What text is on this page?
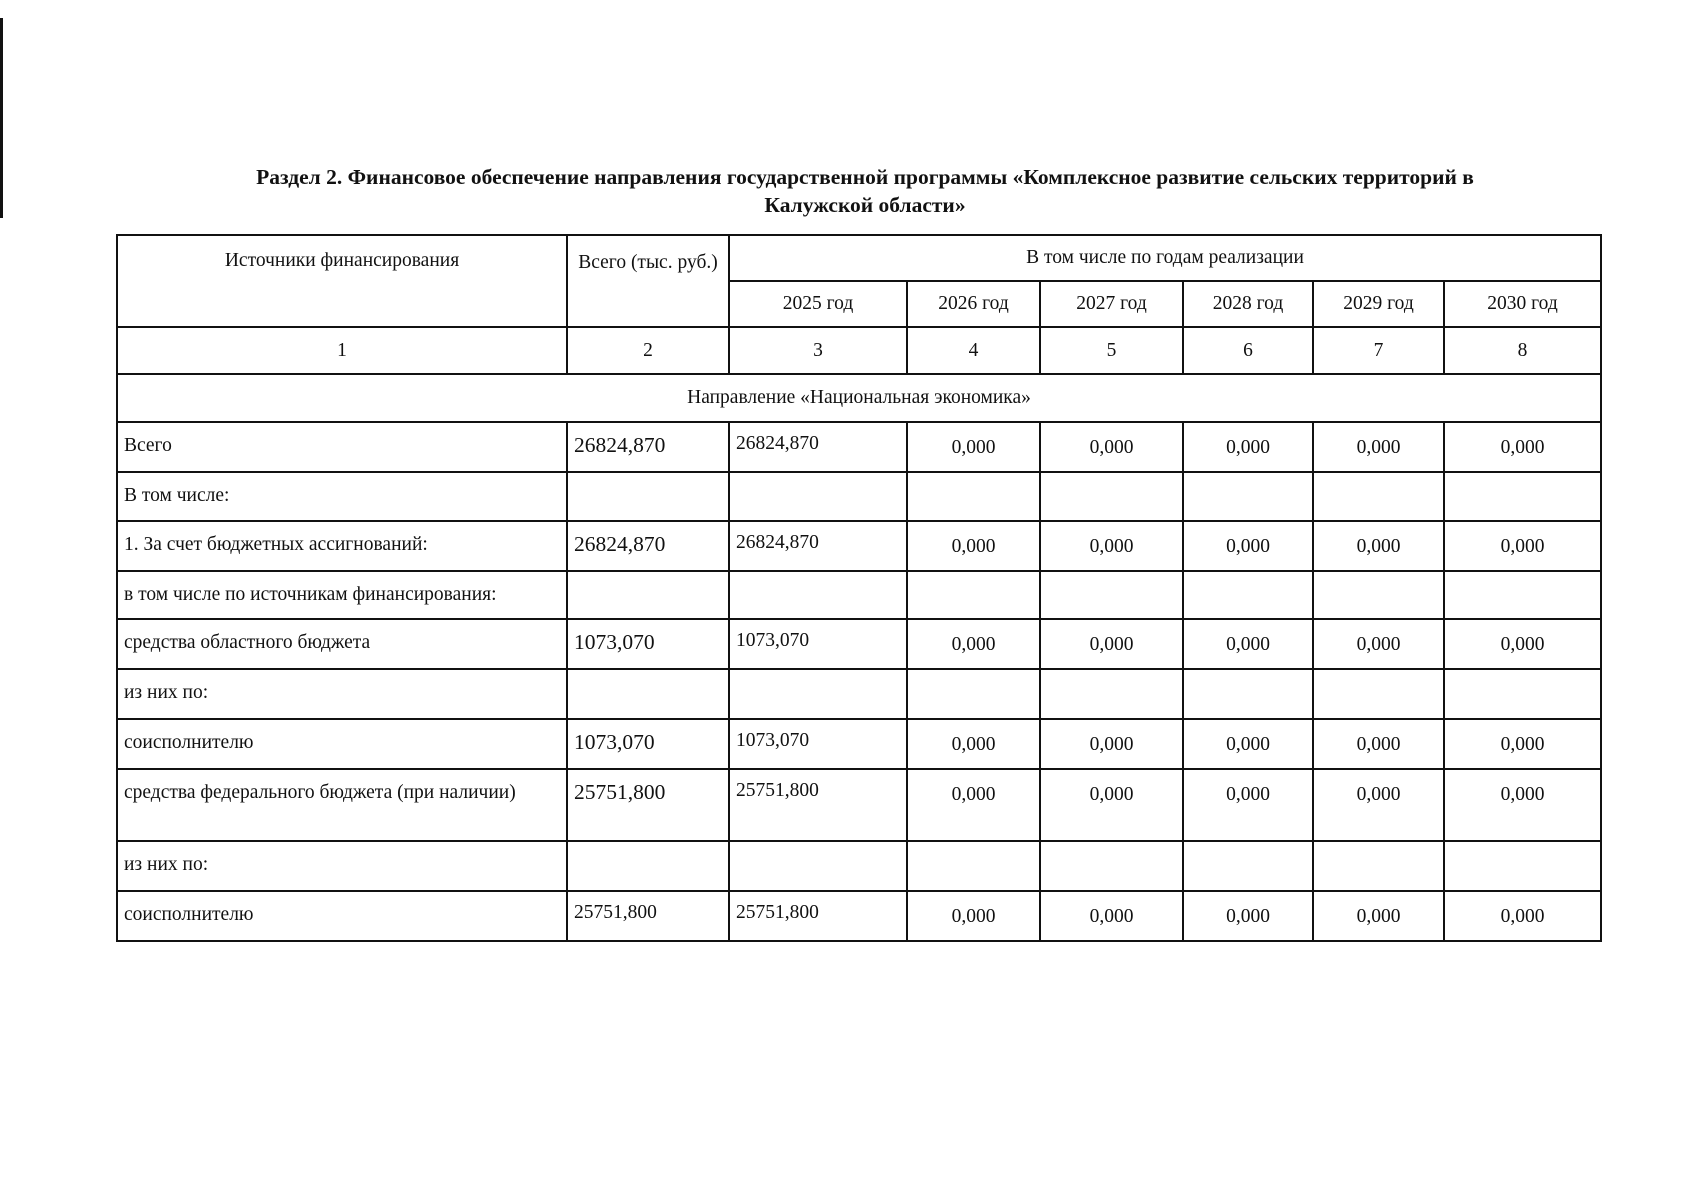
Раздел 2. Финансовое обеспечение направления государственной программы «Комплексное развитие сельских территорий в
Калужской области»
Источники финансирования	Всего (тыс. руб.)	В том числе по годам реализации					
		2025 год	2026 год	2027 год	2028 год	2029 год	2030 год
1	2	3	4	5	6	7	8
Направление «Национальная экономика»							
Всего	26824,870	26824,870	0,000	0,000	0,000	0,000	0,000
В том числе:							
1. За счет бюджетных ассигнований:	26824,870	26824,870	0,000	0,000	0,000	0,000	0,000
в том числе по источникам финансирования:							
средства областного бюджета	1073,070	1073,070	0,000	0,000	0,000	0,000	0,000
из них по:							
соисполнителю	1073,070	1073,070	0,000	0,000	0,000	0,000	0,000
средства федерального бюджета (при наличии)	25751,800	25751,800	0,000	0,000	0,000	0,000	0,000
из них по:							
соисполнителю	25751,800	25751,800	0,000	0,000	0,000	0,000	0,000
